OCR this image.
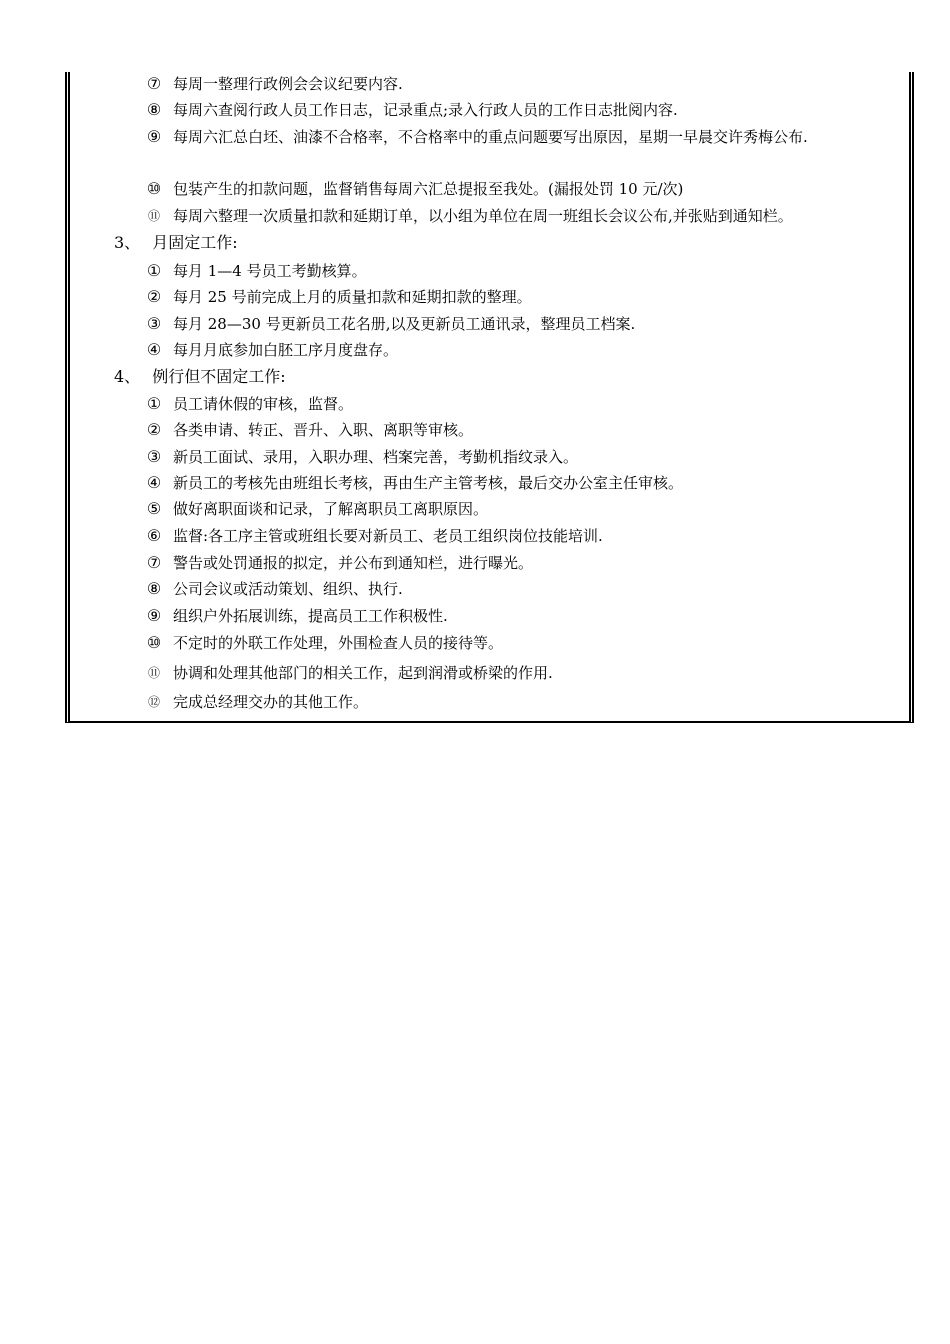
⑦ 每周一整理行政例会会议纪要内容.
⑧ 每周六查阅行政人员工作日志，记录重点;录入行政人员的工作日志批阅内容.
⑨ 每周六汇总白坯、油漆不合格率，不合格率中的重点问题要写出原因，星期一早晨交许秀梅公布.
⑩ 包装产生的扣款问题，监督销售每周六汇总提报至我处。(漏报处罚 10 元/次)
⑪ 每周六整理一次质量扣款和延期订单，以小组为单位在周一班组长会议公布,并张贴到通知栏。
3、 月固定工作:
① 每月 1—4 号员工考勤核算。
② 每月 25 号前完成上月的质量扣款和延期扣款的整理。
③ 每月 28—30 号更新员工花名册,以及更新员工通讯录，整理员工档案.
④ 每月月底参加白胚工序月度盘存。
4、 例行但不固定工作:
① 员工请休假的审核，监督。
② 各类申请、转正、晋升、入职、离职等审核。
③ 新员工面试、录用，入职办理、档案完善，考勤机指纹录入。
④ 新员工的考核先由班组长考核，再由生产主管考核，最后交办公室主任审核。
⑤ 做好离职面谈和记录，了解离职员工离职原因。
⑥ 监督:各工序主管或班组长要对新员工、老员工组织岗位技能培训.
⑦ 警告或处罚通报的拟定，并公布到通知栏，进行曝光。
⑧ 公司会议或活动策划、组织、执行.
⑨ 组织户外拓展训练，提高员工工作积极性.
⑩ 不定时的外联工作处理，外围检查人员的接待等。
⑪ 协调和处理其他部门的相关工作，起到润滑或桥梁的作用.
⑫ 完成总经理交办的其他工作。
